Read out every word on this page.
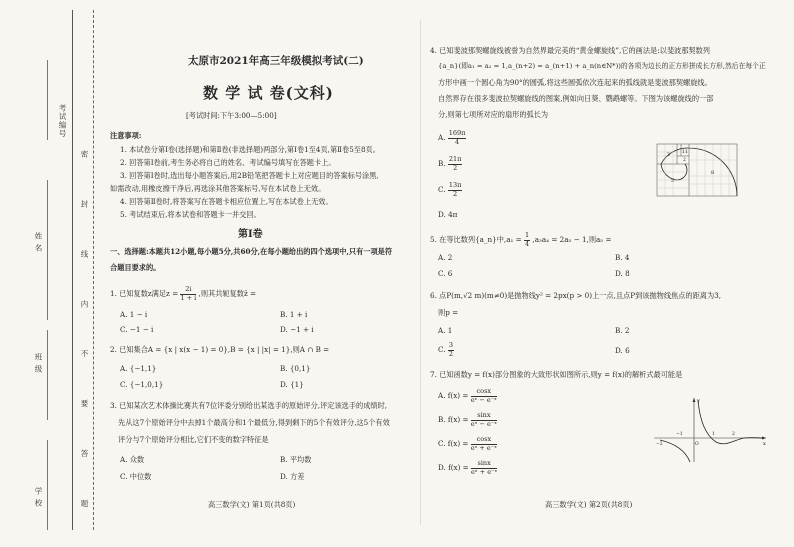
考试编号
姓 名
班 级
学 校	密 封 线 内 不 要 答 题
太原市2021年高三年级模拟考试(二)
数 学 试 卷(文科)
[考试时间:下午3:00—5:00]
注意事项:
1. 本试卷分第Ⅰ卷(选择题)和第Ⅱ卷(非选择题)两部分,第Ⅰ卷1至4页,第Ⅱ卷5至8页。
2. 回答第Ⅰ卷前,考生务必将自己的姓名、考试编号填写在答题卡上。
3. 回答第Ⅰ卷时,选出每小题答案后,用2B铅笔把答题卡上对应题目的答案标号涂黑,
如需改动,用橡皮擦干净后,再选涂其他答案标号,写在本试卷上无效。
4. 回答第Ⅱ卷时,将答案写在答题卡相应位置上,写在本试卷上无效。
5. 考试结束后,将本试卷和答题卡一并交回。
第Ⅰ卷
一、选择题:本题共12小题,每小题5分,共60分,在每小题给出的四个选项中,只有一项是符
合题目要求的。
1. 已知复数z满足$z = \frac{2i}{1 + i}$ ,则其共轭复数z̄ =
A. 1 − i	B. 1 + i
C. −1 − i	D. −1 + i
2. 已知集合A = {x | x(x − 1) = 0},B = {x | |x| = 1},则A ∩ B =
A. {−1,1}	B. {0,1}
C. {−1,0,1}	D. {1}
3. 已知某次艺术体操比赛共有7位评委分别给出某选手的原始评分,评定该选手的成绩时,
先从这7个原始评分中去掉1个最高分和1个最低分,得到剩下的5个有效评分,这5个有效
评分与7个原始评分相比,它们不变的数字特征是
A. 众数	B. 平均数
C. 中位数	D. 方差
高三数学(文) 第1页(共8页)
4. 已知斐波那契螺旋线被誉为自然界最完美的“黄金螺旋线”,它的画法是:以斐波那契数列
{a_n}(即a₁ = a₂ = 1,a_(n+2) = a_(n+1) + a_n(n∈N*))的各项为边长的正方形拼成长方形,然后在每个正
方形中画一个圆心角为90°的圆弧,将这些圆弧依次连起来的弧线就是斐波那契螺旋线。
自然界存在很多斐波拉契螺旋线的图案,例如向日葵、鹦鹉螺等。下图为该螺旋线的一部
分,则第七项所对应的扇形的弧长为
A. $\frac{169\pi}{4}$
B. $\frac{21\pi}{2}$
C. $\frac{13\pi}{2}$
D. 4π
1 1
2
3
5
8
5. 在等比数列{a_n}中$,a_1 = \frac{1}{4} ,a_3a_4 = 2a_5 - 1$,则a₅ =
A. 2	B. 4
C. 6	D. 8
6. 点P(m,√2 m)(m≠0)是抛物线y² = 2px(p > 0)上一点,且点P到该抛物线焦点的距离为3,
则p =
A. 1	B. 2
C. $\frac{3}{2}$	D. 6
7. 已知函数y = f(x)部分图象的大致形状如图所示,则y = f(x)的解析式最可能是
A. $f(x) = \frac{\cos x}{\text{eˣ − e⁻ˣ}}$
B. $f(x) = \frac{\sin x}{\text{eˣ − e⁻ˣ}}$
C. $f(x) = \frac{\cos x}{\text{eˣ + e⁻ˣ}}$
D. $f(x) = \frac{\sin x}{\text{eˣ + e⁻ˣ}}$
y
x
O
−1	1	2
−2
高三数学(文) 第2页(共8页)
